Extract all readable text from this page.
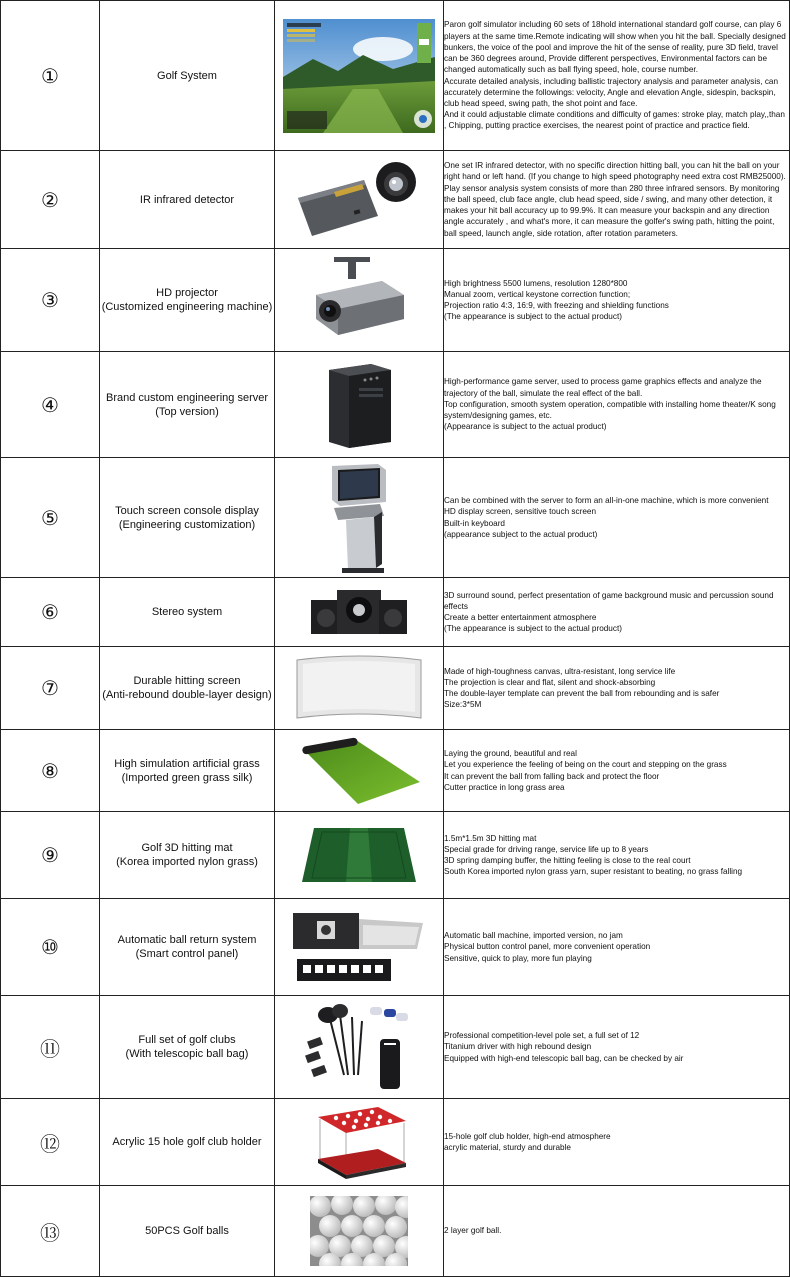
①	Golf System		Paron golf simulator including 60 sets of 18hold international standard golf course, can play 6 players at the same time.Remote indicating will show when you hit the ball. Specially designed bunkers, the voice of the pool and improve the hit of the sense of reality, pure 3D field, travel can be 360 degrees around, Provide different perspectives, Environmental factors can be changed automatically such as ball flying speed, hole, course number.
Accurate detailed analysis, including ballistic trajectory analysis and parameter analysis, can accurately determine the followings: velocity, Angle and elevation Angle, sidespin, backspin, club head speed, swing path, the shot point and face.
And it could adjustable climate conditions and difficulty of games: stroke play, match play,,than , Chipping, putting practice exercises, the nearest point of practice and practice field.
②	IR infrared detector		One set IR infrared detector, with no specific direction hitting ball, you can hit the ball on your right hand or left hand. (If you change to high speed photography need extra cost RMB25000).
Play sensor analysis system consists of more than 280 three infrared sensors. By monitoring the ball speed, club face angle, club head speed, side / swing, and many other detection, it makes your hit ball accuracy up to 99.9%. It can measure your backspin and any direction angle accurately , and what's more, it can measure the golfer's swing path, hitting the point, ball speed, launch angle, side rotation, after rotation parameters.
③	HD projector
(Customized engineering machine)		High brightness 5500 lumens, resolution 1280*800
Manual zoom, vertical keystone correction function;
Projection ratio 4:3, 16:9, with freezing and shielding functions
(The appearance is subject to the actual product)
④	Brand custom engineering server
(Top version)		High-performance game server, used to process game graphics effects and analyze the trajectory of the ball, simulate the real effect of the ball.
Top configuration, smooth system operation, compatible with installing home theater/K song system/designing games, etc.
(Appearance is subject to the actual product)
⑤	Touch screen console display
(Engineering customization)		Can be combined with the server to form an all-in-one machine, which is more convenient
HD display screen, sensitive touch screen
Built-in keyboard
(appearance subject to the actual product)
⑥	Stereo system		3D surround sound, perfect presentation of game background music and percussion sound effects
Create a better entertainment atmosphere
(The appearance is subject to the actual product)
⑦	Durable hitting screen
(Anti-rebound double-layer design)		Made of high-toughness canvas, ultra-resistant, long service life
The projection is clear and flat, silent and shock-absorbing
The double-layer template can prevent the ball from rebounding and is safer
Size:3*5M
⑧	High simulation artificial grass
(Imported green grass silk)		Laying the ground, beautiful and real
Let you experience the feeling of being on the court and stepping on the grass
It can prevent the ball from falling back and protect the floor
Cutter practice in long grass area
⑨	Golf 3D hitting mat
(Korea imported nylon grass)		1.5m*1.5m 3D hitting mat
Special grade for driving range, service life up to 8 years
3D spring damping buffer, the hitting feeling is close to the real court
South Korea imported nylon grass yarn, super resistant to beating, no grass falling
⑩	Automatic ball return system
(Smart control panel)		Automatic ball machine, imported version, no jam
Physical button control panel, more convenient operation
Sensitive, quick to play, more fun playing
⑪	Full set of golf clubs
(With telescopic ball bag)		Professional competition-level pole set, a full set of 12
Titanium driver with high rebound design
Equipped with high-end telescopic ball bag, can be checked by air
⑫	Acrylic 15 hole golf club holder		15-hole golf club holder, high-end atmosphere
acrylic material, sturdy and durable
⑬	50PCS Golf balls		2 layer golf ball.
